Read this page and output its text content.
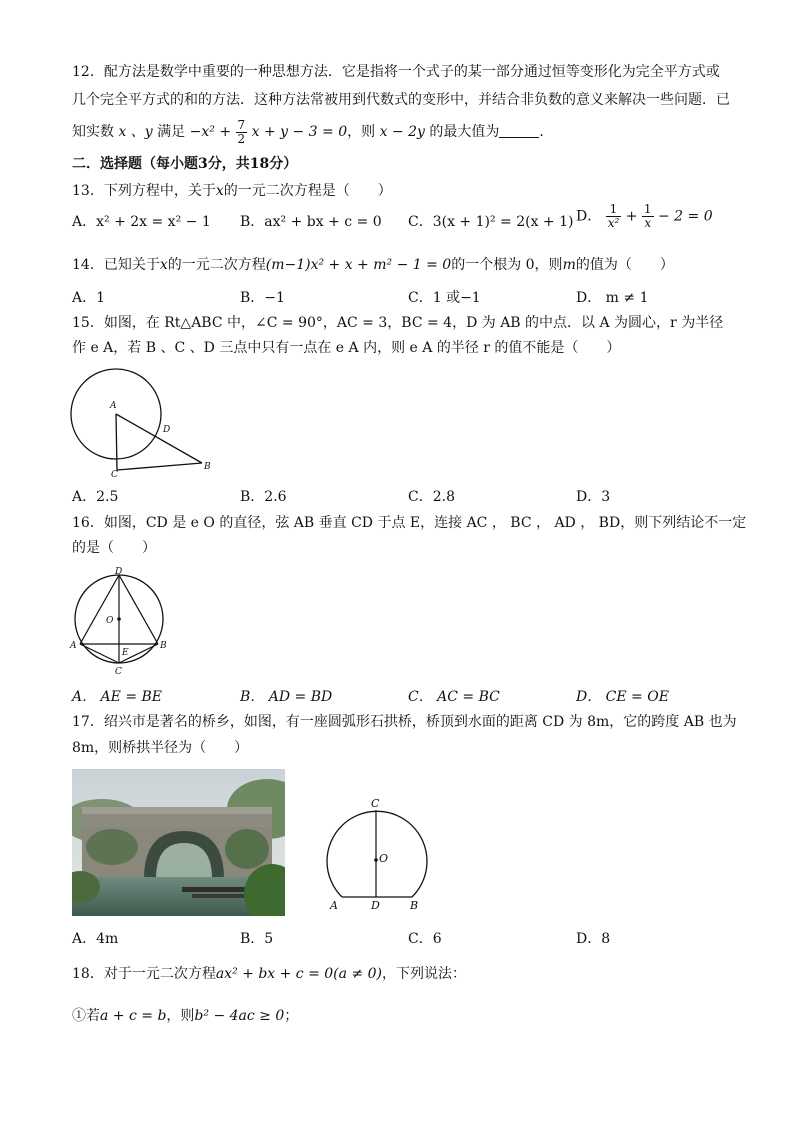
12．配方法是数学中重要的一种思想方法．它是指将一个式子的某一部分通过恒等变形化为完全平方式或
几个完全平方式的和的方法．这种方法常被用到代数式的变形中，并结合非负数的意义来解决一些问题．已
知实数 x 、y 满足 $-x^2 + \frac{7}{2}$ x + y − 3 = 0，则 x − 2y 的最大值为	．
二．选择题（每小题3分，共18分）
13．下列方程中，关于x的一元二次方程是（　　）
A．x² + 2x = x² − 1 B．ax² + bx + c = 0 C．3(x + 1)² = 2(x + 1) D． $\frac{1}{\text{x²}} + \frac{1}{x} - 2 = 0$
14．已知关于x的一元二次方程(m−1)x² + x + m² − 1 = 0的一个根为 0，则m的值为（　　）
A．1	B．−1	C．1 或−1	D． m ≠ 1
15．如图，在 Rt△ABC 中，∠C = 90°，AC = 3，BC = 4，D 为 AB 的中点．以 A 为圆心，r 为半径
作 e A，若 B 、C 、D 三点中只有一点在 e A 内，则 e A 的半径 r 的值不能是（　　）
A
B
C
D
A．2.5	B．2.6	C．2.8	D．3
16．如图，CD 是 e O 的直径，弦 AB 垂直 CD 于点 E，连接 AC ， BC ， AD ， BD，则下列结论不一定
的是（　　）
D
O
A	B
E
C
A． AE = BE	B． AD = BD	C． AC = BC	D． CE = OE
17．绍兴市是著名的桥乡，如图，有一座圆弧形石拱桥，桥顶到水面的距离 CD 为 8m，它的跨度 AB 也为
8m，则桥拱半径为（　　）
C
O
A	D	B
A．4m	B．5	C．6	D．8
18．对于一元二次方程ax² + bx + c = 0(a ≠ 0)，下列说法：
①若a + c = b，则b² − 4ac ≥ 0；
